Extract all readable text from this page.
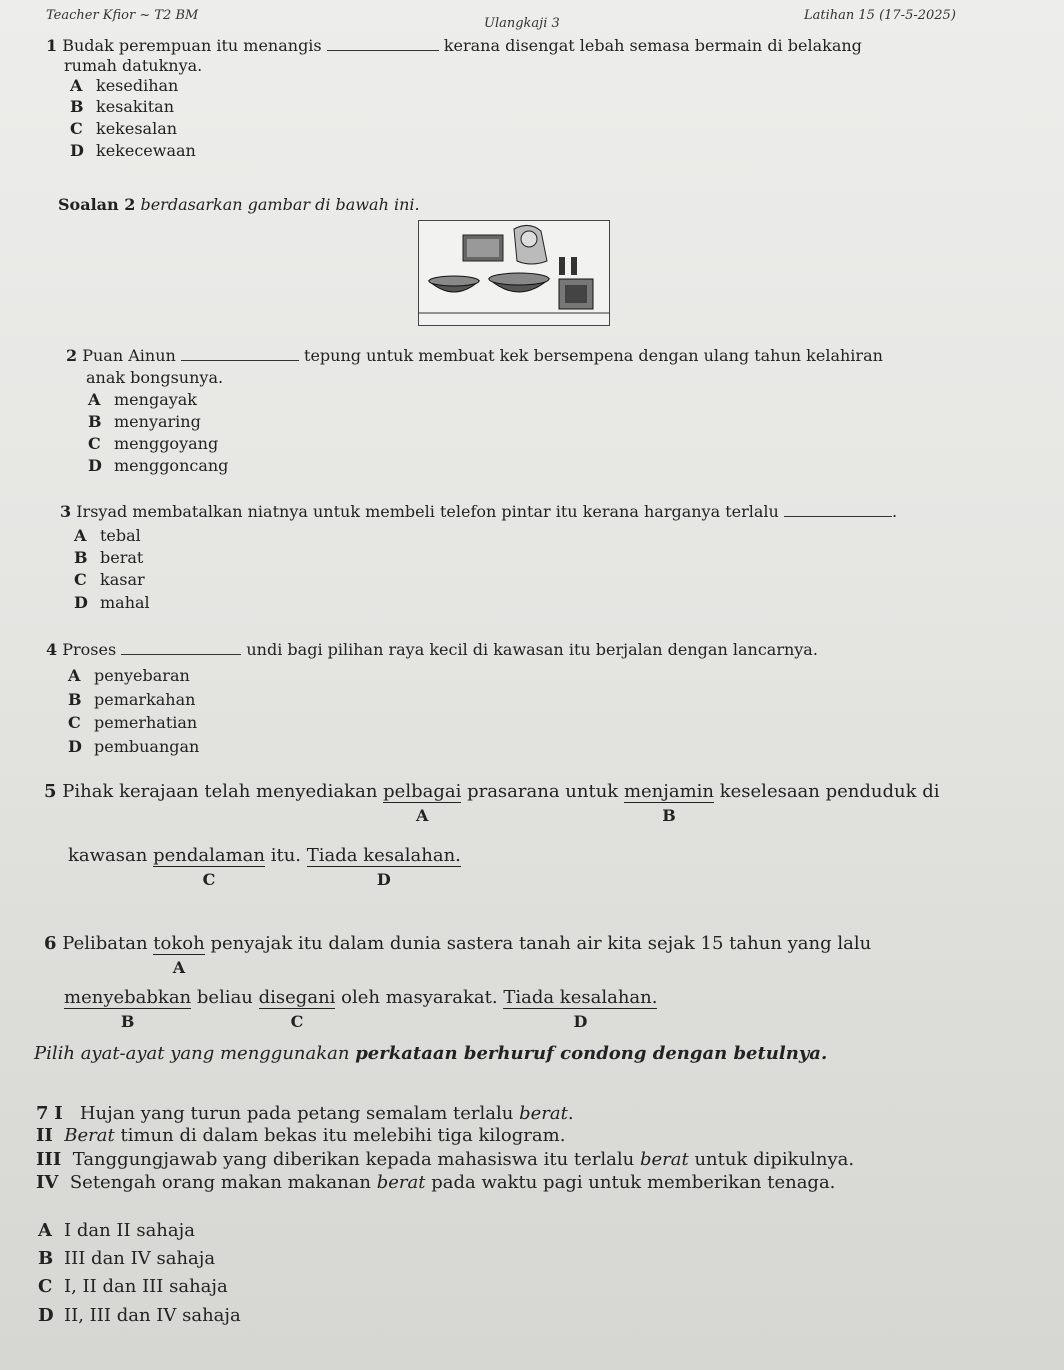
Teacher Kfior ~ T2 BM
Ulangkaji 3
Latihan 15 (17-5-2025)
1 Budak perempuan itu menangis	kerana disengat lebah semasa bermain di belakang
rumah datuknya.
A kesedihan
B kesakitan
C kekesalan
D kekecewaan
Soalan 2 berdasarkan gambar di bawah ini.
2 Puan Ainun	tepung untuk membuat kek bersempena dengan ulang tahun kelahiran
anak bongsunya.
A mengayak
B menyaring
C menggoyang
D menggoncang
3 Irsyad membatalkan niatnya untuk membeli telefon pintar itu kerana harganya terlalu	.
A tebal
B berat
C kasar
D mahal
4 Proses	undi bagi pilihan raya kecil di kawasan itu berjalan dengan lancarnya.
A penyebaran
B pemarkahan
C pemerhatian
D pembuangan
5 Pihak kerajaan telah menyediakan pelbagai
A
prasarana untuk menjamin
B
keselesaan penduduk di
kawasan pendalaman
C
itu. Tiada kesalahan.
D
6 Pelibatan tokoh
A
penyajak itu dalam dunia sastera tanah air kita sejak 15 tahun yang lalu
menyebabkan
B
beliau disegani
C
oleh masyarakat. Tiada kesalahan.
D
Pilih ayat-ayat yang menggunakan perkataan berhuruf condong dengan betulnya.
7 I Hujan yang turun pada petang semalam terlalu berat.
II Berat timun di dalam bekas itu melebihi tiga kilogram.
III Tanggungjawab yang diberikan kepada mahasiswa itu terlalu berat untuk dipikulnya.
IV Setengah orang makan makanan berat pada waktu pagi untuk memberikan tenaga.
A I dan II sahaja
B III dan IV sahaja
C I, II dan III sahaja
D II, III dan IV sahaja
